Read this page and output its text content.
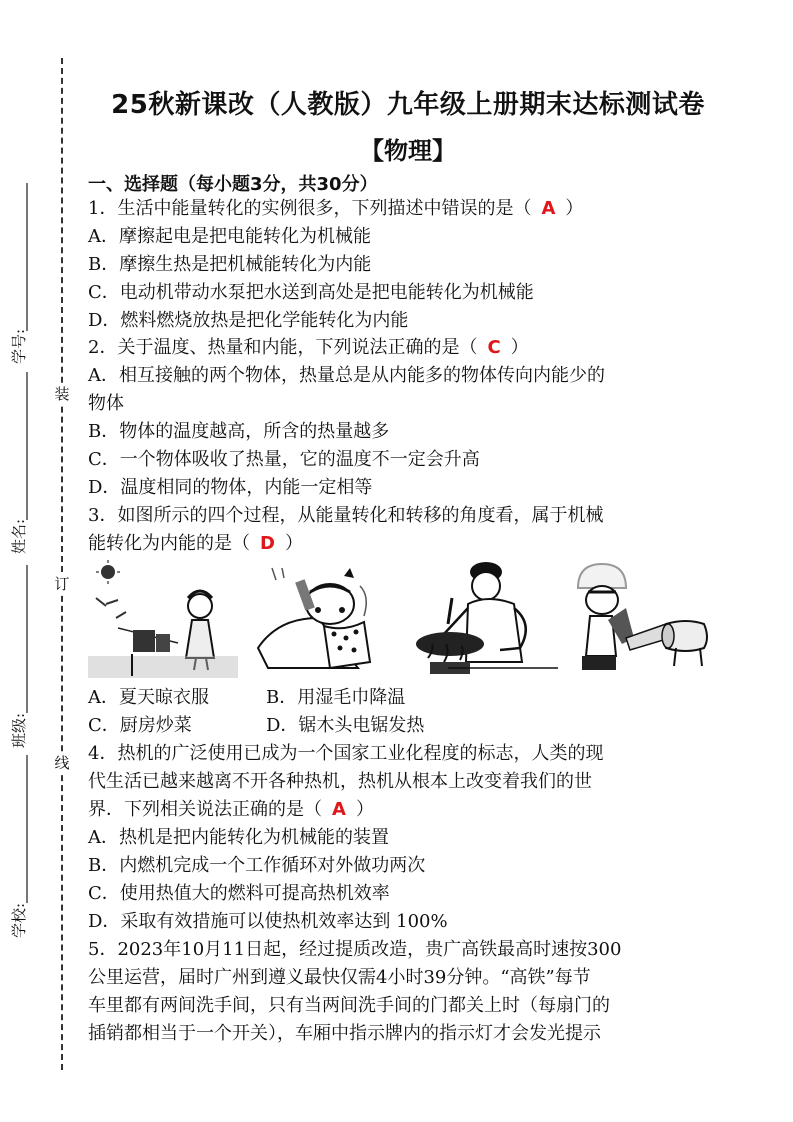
装
订
线
学号:
姓名:
班级:
学校:
25秋新课改（人教版）九年级上册期末达标测试卷
【物理】
一、选择题（每小题3分，共30分）
1．生活中能量转化的实例很多，下列描述中错误的是（ A ）
A．摩擦起电是把电能转化为机械能
B．摩擦生热是把机械能转化为内能
C．电动机带动水泵把水送到高处是把电能转化为机械能
D．燃料燃烧放热是把化学能转化为内能
2．关于温度、热量和内能，下列说法正确的是（ C ）
A．相互接触的两个物体，热量总是从内能多的物体传向内能少的
物体
B．物体的温度越高，所含的热量越多
C．一个物体吸收了热量，它的温度不一定会升高
D．温度相同的物体，内能一定相等
3．如图所示的四个过程，从能量转化和转移的角度看，属于机械
能转化为内能的是（ D ）
A．夏天晾衣服	B．用湿毛巾降温
C．厨房炒菜	D．锯木头电锯发热
4．热机的广泛使用已成为一个国家工业化程度的标志，人类的现
代生活已越来越离不开各种热机，热机从根本上改变着我们的世
界．下列相关说法正确的是（ A ）
A．热机是把内能转化为机械能的装置
B．内燃机完成一个工作循环对外做功两次
C．使用热值大的燃料可提高热机效率
D．采取有效措施可以使热机效率达到 100%
5．2023年10月11日起，经过提质改造，贵广高铁最高时速按300
公里运营，届时广州到遵义最快仅需4小时39分钟。“高铁”每节
车里都有两间洗手间，只有当两间洗手间的门都关上时（每扇门的
插销都相当于一个开关），车厢中指示牌内的指示灯才会发光提示
